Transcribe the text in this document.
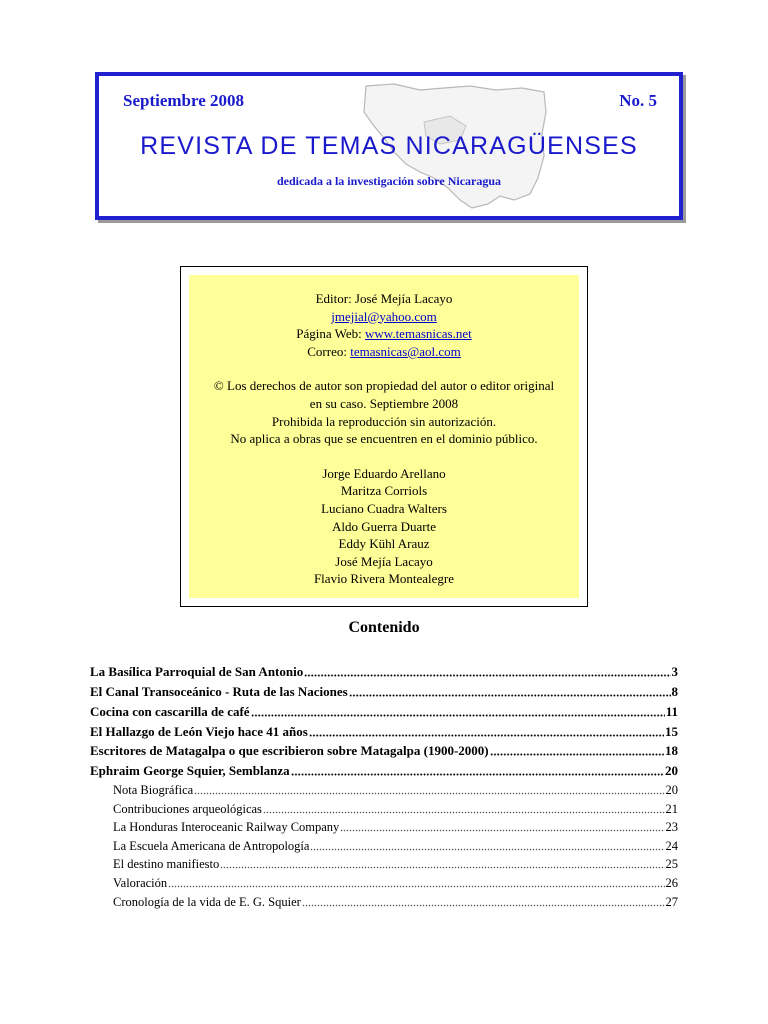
Septiembre 2008	No. 5
REVISTA DE TEMAS NICARAGÜENSES
dedicada a la investigación sobre Nicaragua
Editor: José Mejía Lacayo
jmejial@yahoo.com
Página Web: www.temasnicas.net
Correo: temasnicas@aol.com
© Los derechos de autor son propiedad del autor o editor original
en su caso. Septiembre 2008
Prohibida la reproducción sin autorización.
No aplica a obras que se encuentren en el dominio público.
Jorge Eduardo Arellano
Maritza Corriols
Luciano Cuadra Walters
Aldo Guerra Duarte
Eddy Kühl Arauz
José Mejía Lacayo
Flavio Rivera Montealegre
Contenido
La Basílica Parroquial de San Antonio	3
El Canal Transoceánico - Ruta de las Naciones	8
Cocina con cascarilla de café	11
El Hallazgo de León Viejo hace 41 años	15
Escritores de Matagalpa o que escribieron sobre Matagalpa (1900-2000)	18
Ephraim George Squier, Semblanza	20
Nota Biográfica	20
Contribuciones arqueológicas	21
La Honduras Interoceanic Railway Company	23
La Escuela Americana de Antropología	24
El destino manifiesto	25
Valoración	26
Cronología de la vida de E. G. Squier	27
